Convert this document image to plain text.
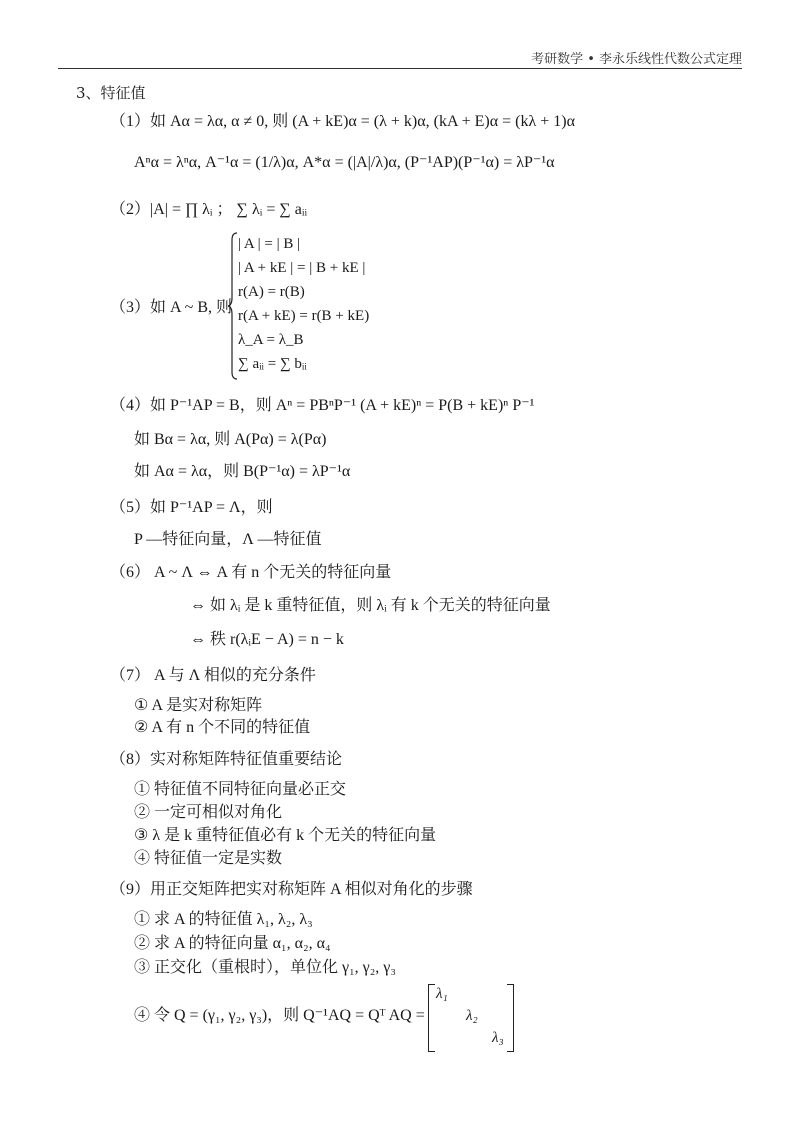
考研数学 • 李永乐线性代数公式定理
3、特征值
（1）如 Aα = λα, α ≠ 0, 则 (A + kE)α = (λ + k)α, (kA + E)α = (kλ + 1)α
Aⁿα = λⁿα, A⁻¹α = (1/λ)α, A*α = (|A|/λ)α, (P⁻¹AP)(P⁻¹α) = λP⁻¹α
（2）|A| = ∏ λᵢ ； ∑ λᵢ = ∑ aᵢᵢ
（3）如 A ~ B, 则
| A | = | B |
| A + kE | = | B + kE |
r(A) = r(B)
r(A + kE) = r(B + kE)
λ_A = λ_B
∑ aᵢᵢ = ∑ bᵢᵢ
（4）如 P⁻¹AP = B，则 Aⁿ = PBⁿP⁻¹ (A + kE)ⁿ = P(B + kE)ⁿ P⁻¹
如 Bα = λα, 则 A(Pα) = λ(Pα)
如 Aα = λα，则 B(P⁻¹α) = λP⁻¹α
（5）如 P⁻¹AP = Λ，则
P —特征向量，Λ —特征值
（6） A ~ Λ ⇔ A 有 n 个无关的特征向量
⇔ 如 λᵢ 是 k 重特征值，则 λᵢ 有 k 个无关的特征向量
⇔ 秩 r(λᵢE − A) = n − k
（7） A 与 Λ 相似的充分条件
① A 是实对称矩阵
② A 有 n 个不同的特征值
（8）实对称矩阵特征值重要结论
① 特征值不同特征向量必正交
② 一定可相似对角化
③ λ 是 k 重特征值必有 k 个无关的特征向量
④ 特征值一定是实数
（9）用正交矩阵把实对称矩阵 A 相似对角化的步骤
① 求 A 的特征值 λ₁, λ₂, λ₃
② 求 A 的特征向量 α₁, α₂, α₄
③ 正交化（重根时），单位化 γ₁, γ₂, γ₃
④ 令 Q = (γ₁, γ₂, γ₃)，则 Q⁻¹AQ = Qᵀ AQ =
λ₁
λ₂
λ₃
